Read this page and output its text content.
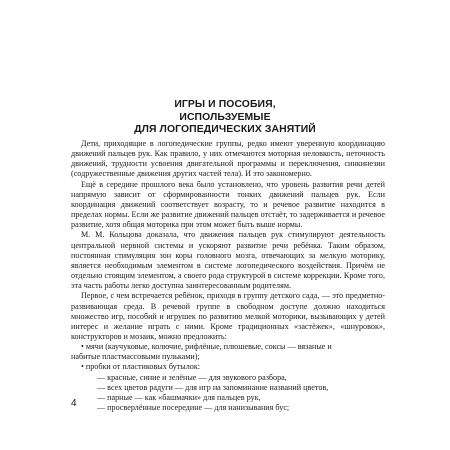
ИГРЫ И ПОСОБИЯ,
ИСПОЛЬЗУЕМЫЕ
ДЛЯ ЛОГОПЕДИЧЕСКИХ ЗАНЯТИЙ

Дети, приходящие в логопедические группы, редко имеют уверенную координацию движений пальцев рук. Как правило, у них отмечаются моторная неловкость, неточность движений, трудности усвоения двигательной программы и переключения, синкинезии (содружественные движения других частей тела). И это закономерно.

Ещё в середине прошлого века было установлено, что уровень развития речи детей напрямую зависит от сформированности тонких движений пальцев рук. Если координация движений соответствует возрасту, то и речевое развитие находится в пределах нормы. Если же развитие движений пальцев отстаёт, то задерживается и речевое развитие, хотя общая моторика при этом может быть выше нормы.

М. М. Кольцова доказала, что движения пальцев рук стимулируют деятельность центральной нервной системы и ускоряют развитие речи ребёнка. Таким образом, постоянная стимуляция зон коры головного мозга, отвечающих за мелкую моторику, является необходимым элементом в системе логопедического воздействия. Причём не отдельно стоящим элементом, а своего рода структурой в системе коррекции. Кроме того, эта часть работы легко доступна заинтересованным родителям.

Первое, с чем встречается ребёнок, приходя в группу детского сада, — это предметно-развивающая среда. В речевой группе в свободном доступе должно находиться множество игр, пособий и игрушек по развитию мелкой моторики, вызывающих у детей интерес и желание играть с ними. Кроме традиционных «застёжек», «шнуровок», конструкторов и мозаик, можно предложить:

• мячи (каучуковые, колючие, рифлёные, плюшевые, соксы — вязаные и
набитые пластмассовыми пульками);
• пробки от пластиковых бутылок:
— красные, синие и зелёные — для звукового разбора,
— всех цветов радуги — для игр на запоминание названий цветов,
— парные — как «башмачки» для пальцев рук,
— просверлённые посередине — для нанизывания бус;
4
